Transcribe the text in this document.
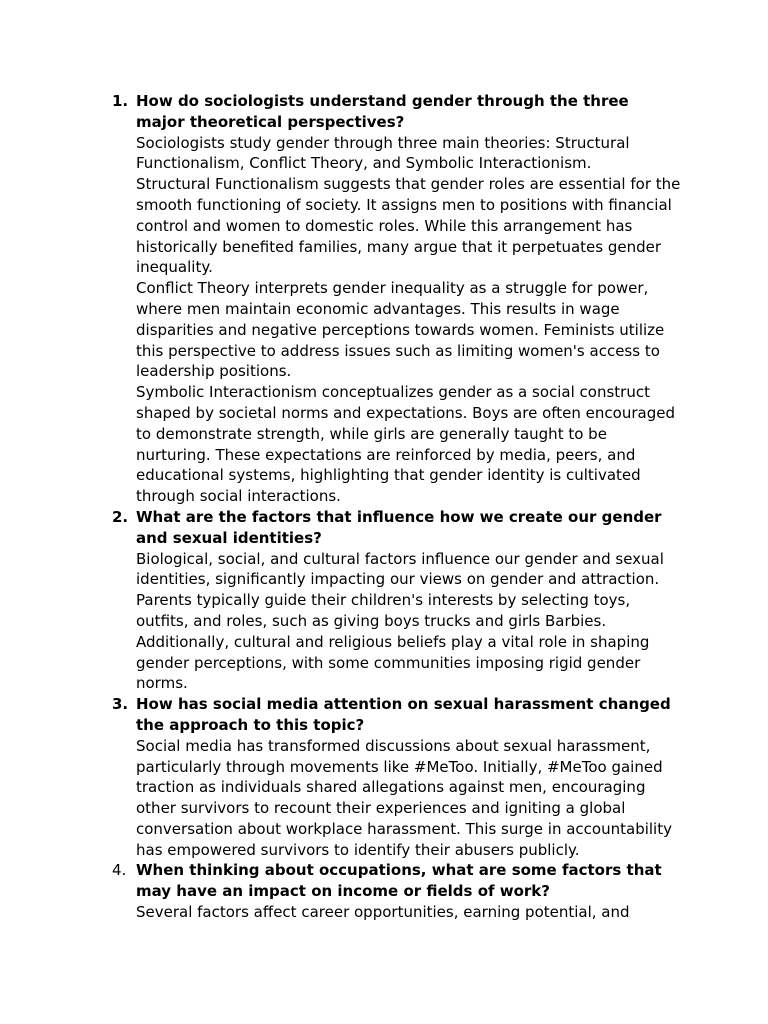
1. How do sociologists understand gender through the three major theoretical perspectives?

Sociologists study gender through three main theories: Structural Functionalism, Conflict Theory, and Symbolic Interactionism.

Structural Functionalism suggests that gender roles are essential for the smooth functioning of society. It assigns men to positions with financial control and women to domestic roles. While this arrangement has historically benefited families, many argue that it perpetuates gender inequality.

Conflict Theory interprets gender inequality as a struggle for power, where men maintain economic advantages. This results in wage disparities and negative perceptions towards women. Feminists utilize this perspective to address issues such as limiting women's access to leadership positions.

Symbolic Interactionism conceptualizes gender as a social construct shaped by societal norms and expectations. Boys are often encouraged to demonstrate strength, while girls are generally taught to be nurturing. These expectations are reinforced by media, peers, and educational systems, highlighting that gender identity is cultivated through social interactions.

2. What are the factors that influence how we create our gender and sexual identities?

Biological, social, and cultural factors influence our gender and sexual identities, significantly impacting our views on gender and attraction. Parents typically guide their children's interests by selecting toys, outfits, and roles, such as giving boys trucks and girls Barbies. Additionally, cultural and religious beliefs play a vital role in shaping gender perceptions, with some communities imposing rigid gender norms.

3. How has social media attention on sexual harassment changed the approach to this topic?

Social media has transformed discussions about sexual harassment, particularly through movements like #MeToo. Initially, #MeToo gained traction as individuals shared allegations against men, encouraging other survivors to recount their experiences and igniting a global conversation about workplace harassment. This surge in accountability has empowered survivors to identify their abusers publicly.

4. When thinking about occupations, what are some factors that may have an impact on income or fields of work?

Several factors affect career opportunities, earning potential, and
